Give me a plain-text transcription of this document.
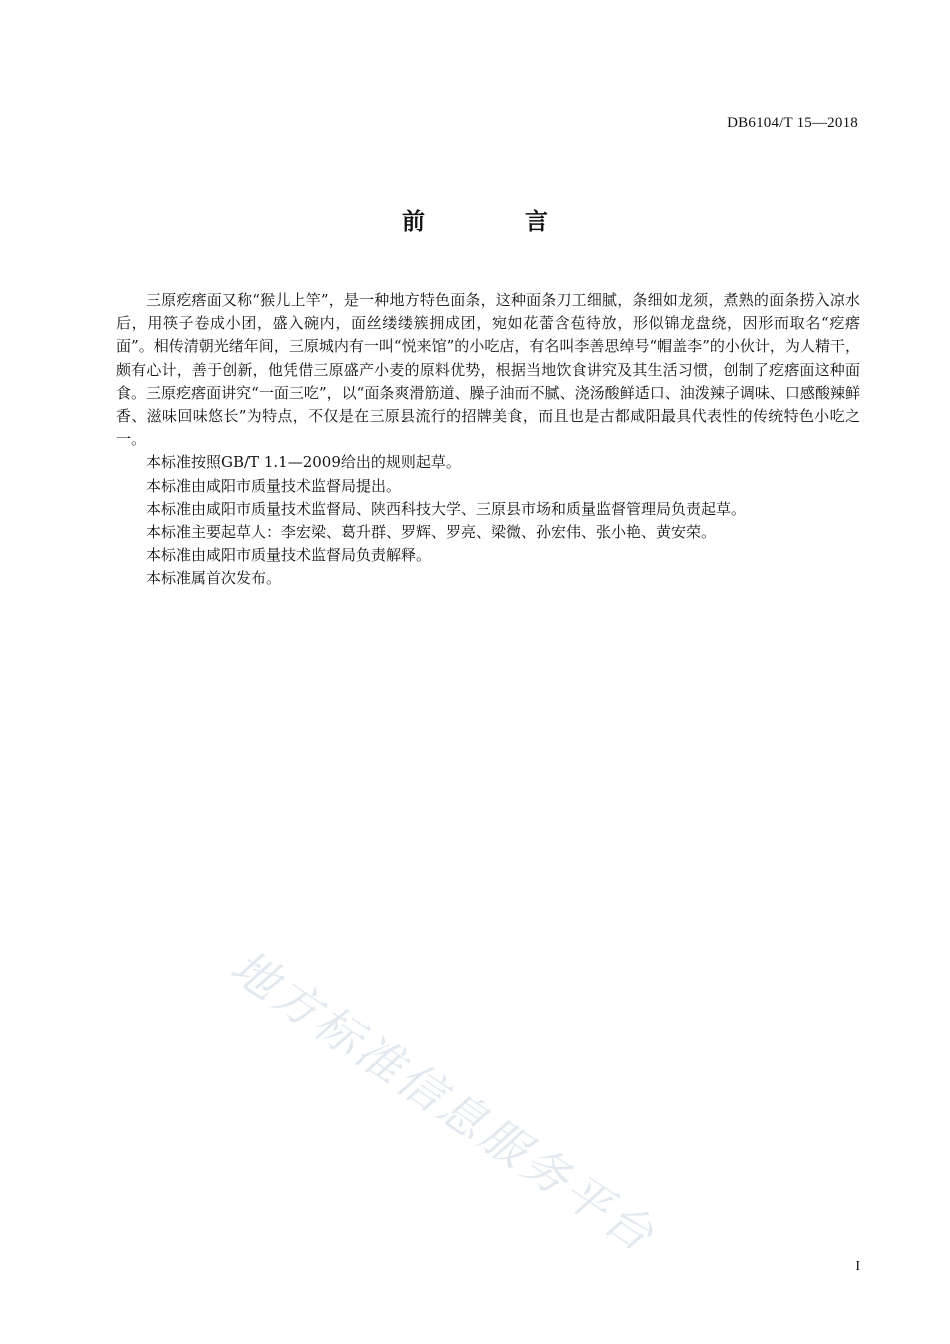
DB6104/T 15—2018
前 言

三原疙瘩面又称“猴儿上竿”，是一种地方特色面条，这种面条刀工细腻，条细如龙须，煮熟的面条捞入凉水后，用筷子卷成小团，盛入碗内，面丝缕缕簇拥成团，宛如花蕾含苞待放，形似锦龙盘绕，因形而取名“疙瘩面”。相传清朝光绪年间，三原城内有一叫“悦来馆”的小吃店，有名叫李善思绰号“帽盖李”的小伙计，为人精干，颇有心计，善于创新，他凭借三原盛产小麦的原料优势，根据当地饮食讲究及其生活习惯，创制了疙瘩面这种面食。三原疙瘩面讲究“一面三吃”，以“面条爽滑筋道、臊子油而不腻、浇汤酸鲜适口、油泼辣子调味、口感酸辣鲜香、滋味回味悠长”为特点，不仅是在三原县流行的招牌美食，而且也是古都咸阳最具代表性的传统特色小吃之一。

本标准按照GB/T 1.1—2009给出的规则起草。

本标准由咸阳市质量技术监督局提出。

本标准由咸阳市质量技术监督局、陕西科技大学、三原县市场和质量监督管理局负责起草。

本标准主要起草人：李宏梁、葛升群、罗辉、罗亮、梁微、孙宏伟、张小艳、黄安荣。

本标准由咸阳市质量技术监督局负责解释。

本标准属首次发布。

地方标准信息服务平台
I
